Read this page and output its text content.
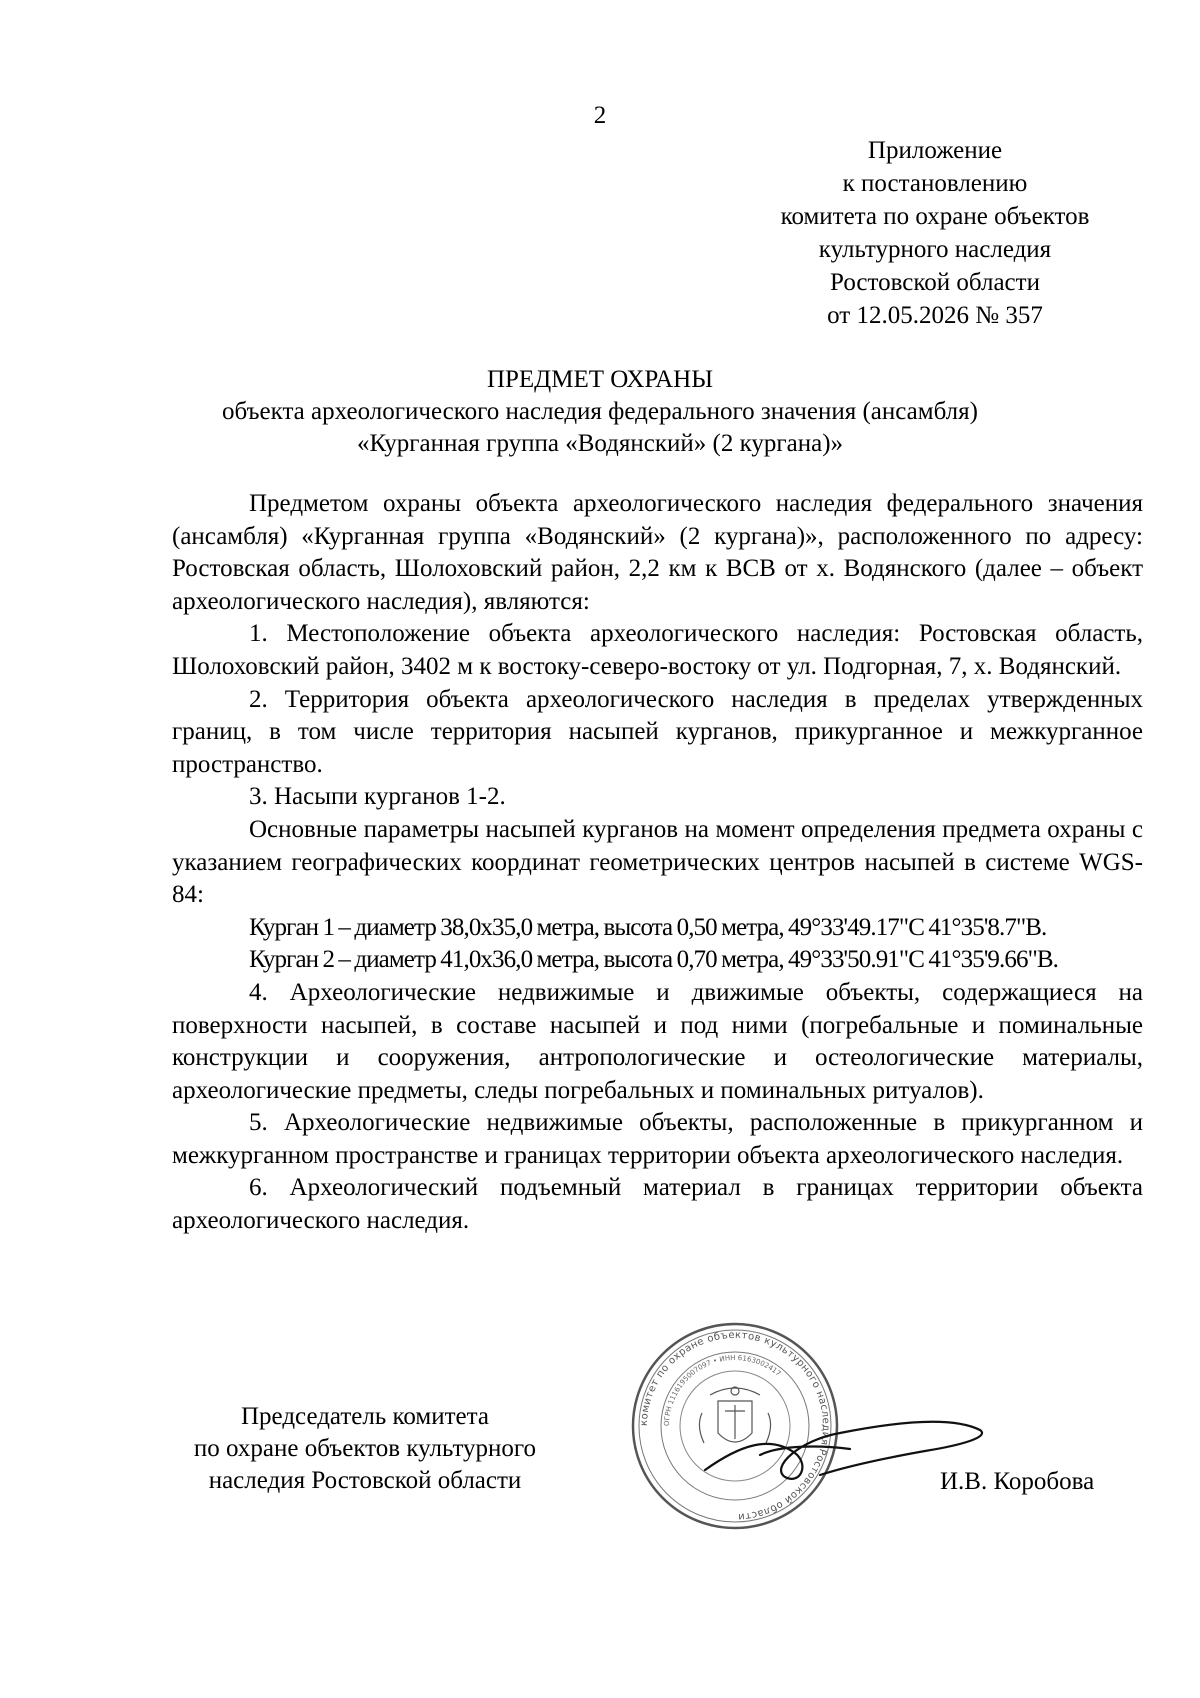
2
Приложение
к постановлению
комитета по охране объектов
культурного наследия
Ростовской области
от 12.05.2026 № 357
ПРЕДМЕТ ОХРАНЫ
объекта археологического наследия федерального значения (ансамбля)
«Курганная группа «Водянский» (2 кургана)»

Предметом охраны объекта археологического наследия федерального значения (ансамбля) «Курганная группа «Водянский» (2 кургана)», расположенного по адресу: Ростовская область, Шолоховский район, 2,2 км к ВСВ от х. Водянского (далее – объект археологического наследия), являются:

1. Местоположение объекта археологического наследия: Ростовская область, Шолоховский район, 3402 м к востоку-северо-востоку от ул. Подгорная, 7, х. Водянский.

2. Территория объекта археологического наследия в пределах утвержденных границ, в том числе территория насыпей курганов, прикурганное и межкурганное пространство.

3. Насыпи курганов 1-2.

Основные параметры насыпей курганов на момент определения предмета охраны с указанием географических координат геометрических центров насыпей в системе WGS-84:

Курган 1 – диаметр 38,0х35,0 метра, высота 0,50 метра, 49°33'49.17"С 41°35'8.7"В.

Курган 2 – диаметр 41,0х36,0 метра, высота 0,70 метра, 49°33'50.91"С 41°35'9.66"В.

4. Археологические недвижимые и движимые объекты, содержащиеся на поверхности насыпей, в составе насыпей и под ними (погребальные и поминальные конструкции и сооружения, антропологические и остеологические материалы, археологические предметы, следы погребальных и поминальных ритуалов).

5. Археологические недвижимые объекты, расположенные в прикурганном и межкурганном пространстве и границах территории объекта археологического наследия.

6. Археологический подъемный материал в границах территории объекта археологического наследия.

Председатель комитета
по охране объектов культурного
наследия Ростовской области
комитет по охране объектов культурного наследия Ростовской области
ОГРН 1116195007097 • ИНН 6163002417
И.В. Коробова
